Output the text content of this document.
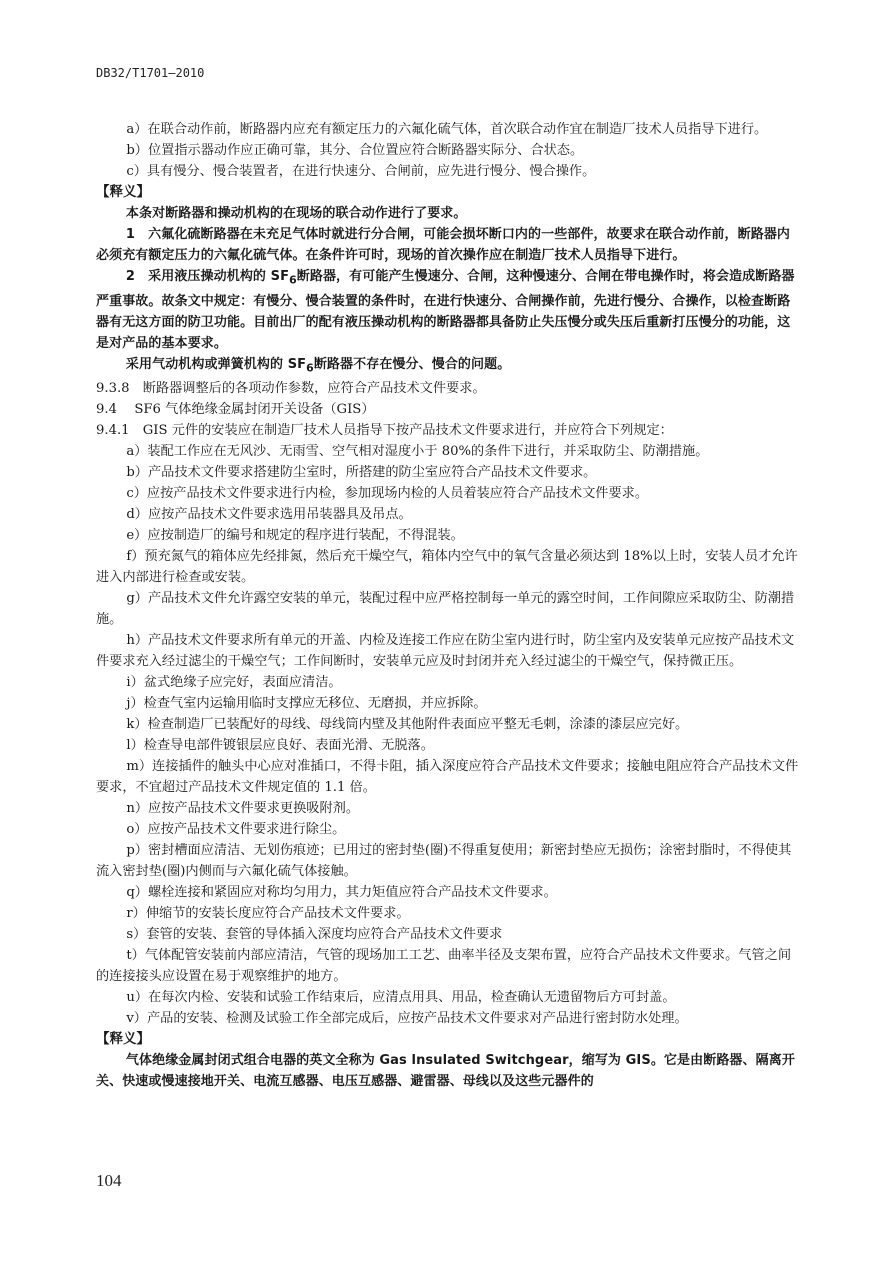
DB32/T1701—2010

a）在联合动作前，断路器内应充有额定压力的六氟化硫气体，首次联合动作宜在制造厂技术人员指导下进行。

b）位置指示器动作应正确可靠，其分、合位置应符合断路器实际分、合状态。

c）具有慢分、慢合装置者，在进行快速分、合闸前，应先进行慢分、慢合操作。

【释义】

本条对断路器和操动机构的在现场的联合动作进行了要求。

1　六氟化硫断路器在未充足气体时就进行分合闸，可能会损坏断口内的一些部件，故要求在联合动作前，断路器内必须充有额定压力的六氟化硫气体。在条件许可时，现场的首次操作应在制造厂技术人员指导下进行。

2　采用液压操动机构的 $SF_6$断路器，有可能产生慢速分、合闸，这种慢速分、合闸在带电操作时，将会造成断路器严重事故。故条文中规定：有慢分、慢合装置的条件时，在进行快速分、合闸操作前，先进行慢分、合操作，以检查断路器有无这方面的防卫功能。目前出厂的配有液压操动机构的断路器都具备防止失压慢分或失压后重新打压慢分的功能，这是对产品的基本要求。

采用气动机构或弹簧机构的 $SF_6$断路器不存在慢分、慢合的问题。

9.3.8　断路器调整后的各项动作参数，应符合产品技术文件要求。

9.4　 SF6 气体绝缘金属封闭开关设备（GIS）

9.4.1　GIS 元件的安装应在制造厂技术人员指导下按产品技术文件要求进行，并应符合下列规定：

a）装配工作应在无风沙、无雨雪、空气相对湿度小于 80%的条件下进行，并采取防尘、防潮措施。

b）产品技术文件要求搭建防尘室时，所搭建的防尘室应符合产品技术文件要求。

c）应按产品技术文件要求进行内检，参加现场内检的人员着装应符合产品技术文件要求。

d）应按产品技术文件要求选用吊装器具及吊点。

e）应按制造厂的编号和规定的程序进行装配，不得混装。

f）预充氮气的箱体应先经排氮，然后充干燥空气，箱体内空气中的氧气含量必须达到 18%以上时，安装人员才允许进入内部进行检查或安装。

g）产品技术文件允许露空安装的单元，装配过程中应严格控制每一单元的露空时间，工作间隙应采取防尘、防潮措施。

h）产品技术文件要求所有单元的开盖、内检及连接工作应在防尘室内进行时，防尘室内及安装单元应按产品技术文件要求充入经过滤尘的干燥空气；工作间断时，安装单元应及时封闭并充入经过滤尘的干燥空气，保持微正压。

i）盆式绝缘子应完好，表面应清洁。

j）检查气室内运输用临时支撑应无移位、无磨损，并应拆除。

k）检查制造厂已装配好的母线、母线筒内壁及其他附件表面应平整无毛刺，涂漆的漆层应完好。

l）检查导电部件镀银层应良好、表面光滑、无脱落。

m）连接插件的触头中心应对准插口，不得卡阻，插入深度应符合产品技术文件要求；接触电阻应符合产品技术文件要求，不宜超过产品技术文件规定值的 1.1 倍。

n）应按产品技术文件要求更换吸附剂。

o）应按产品技术文件要求进行除尘。

p）密封槽面应清洁、无划伤痕迹；已用过的密封垫(圈)不得重复使用；新密封垫应无损伤；涂密封脂时，不得使其流入密封垫(圈)内侧而与六氟化硫气体接触。

q）螺栓连接和紧固应对称均匀用力，其力矩值应符合产品技术文件要求。

r）伸缩节的安装长度应符合产品技术文件要求。

s）套管的安装、套管的导体插入深度均应符合产品技术文件要求

t）气体配管安装前内部应清洁，气管的现场加工工艺、曲率半径及支架布置，应符合产品技术文件要求。气管之间的连接接头应设置在易于观察维护的地方。

u）在每次内检、安装和试验工作结束后，应清点用具、用品，检查确认无遗留物后方可封盖。

v）产品的安装、检测及试验工作全部完成后，应按产品技术文件要求对产品进行密封防水处理。

【释义】

气体绝缘金属封闭式组合电器的英文全称为 Gas lnsulated Switchgear，缩写为 GIS。它是由断路器、隔离开关、快速或慢速接地开关、电流互感器、电压互感器、避雷器、母线以及这些元器件的

104
